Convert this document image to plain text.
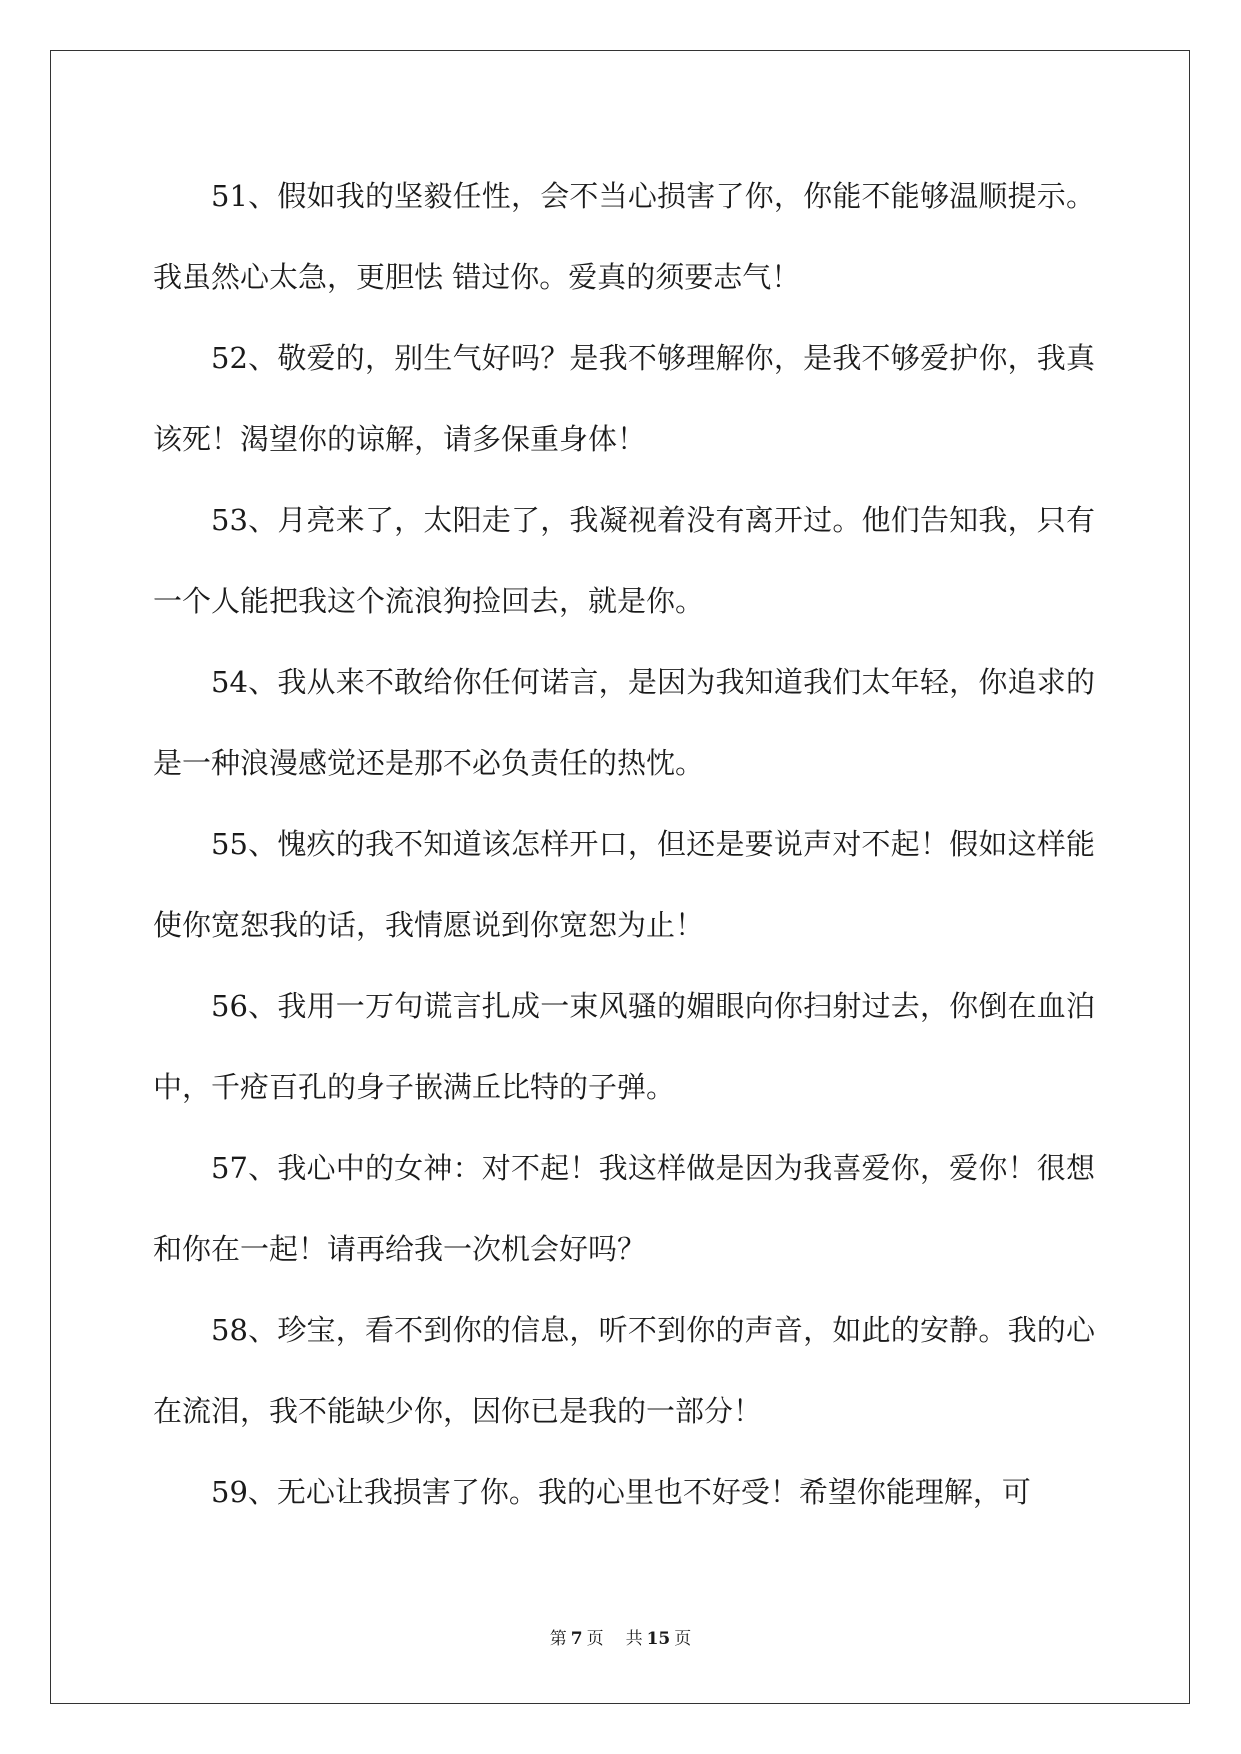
51、假如我的坚毅任性，会不当心损害了你，你能不能够温顺提示。我虽然心太急，更胆怯 错过你。爱真的须要志气！

52、敬爱的，别生气好吗？是我不够理解你，是我不够爱护你，我真该死！渴望你的谅解，请多保重身体！

53、月亮来了，太阳走了，我凝视着没有离开过。他们告知我，只有一个人能把我这个流浪狗捡回去，就是你。

54、我从来不敢给你任何诺言，是因为我知道我们太年轻，你追求的是一种浪漫感觉还是那不必负责任的热忱。

55、愧疚的我不知道该怎样开口，但还是要说声对不起！假如这样能使你宽恕我的话，我情愿说到你宽恕为止！

56、我用一万句谎言扎成一束风骚的媚眼向你扫射过去，你倒在血泊中，千疮百孔的身子嵌满丘比特的子弹。

57、我心中的女神：对不起！我这样做是因为我喜爱你，爱你！很想和你在一起！请再给我一次机会好吗？

58、珍宝，看不到你的信息，听不到你的声音，如此的安静。我的心在流泪，我不能缺少你，因你已是我的一部分！

59、无心让我损害了你。我的心里也不好受！希望你能理解，可

第 7 页 共 15 页
